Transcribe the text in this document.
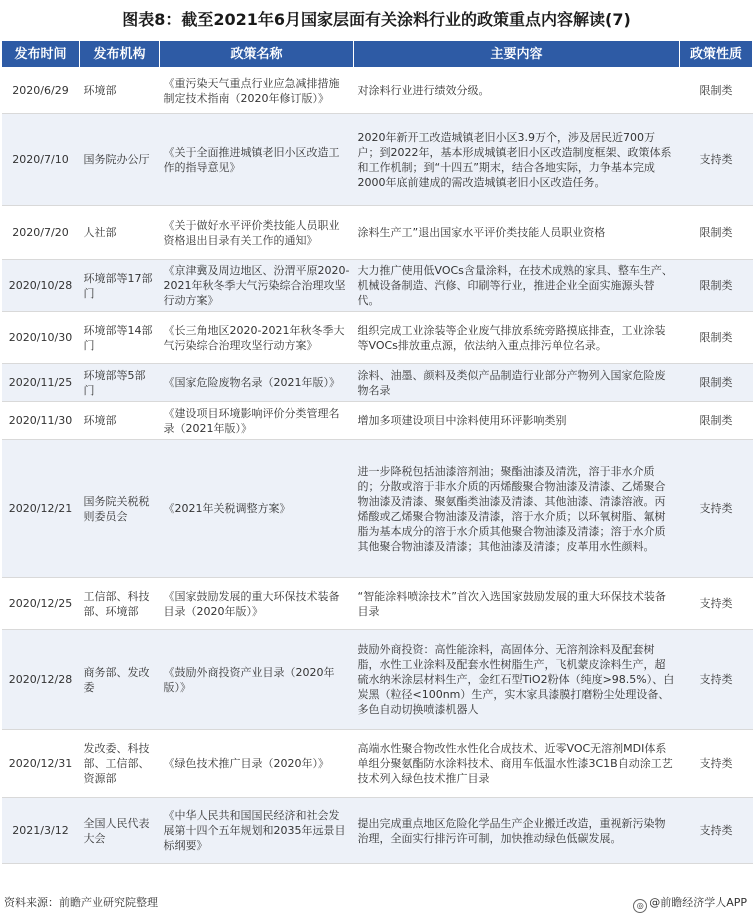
图表8：截至2021年6月国家层面有关涂料行业的政策重点内容解读(7)
发布时间	发布机构	政策名称	主要内容	政策性质
2020/6/29	环境部	《重污染天气重点行业应急减排措施制定技术指南（2020年修订版）》	对涂料行业进行绩效分级。	限制类
2020/7/10	国务院办公厅	《关于全面推进城镇老旧小区改造工作的指导意见》	2020年新开工改造城镇老旧小区3.9万个，涉及居民近700万户；到2022年，基本形成城镇老旧小区改造制度框架、政策体系和工作机制；到“十四五”期末，结合各地实际，力争基本完成2000年底前建成的需改造城镇老旧小区改造任务。	支持类
2020/7/20	人社部	《关于做好水平评价类技能人员职业资格退出目录有关工作的通知》	涂料生产工”退出国家水平评价类技能人员职业资格	限制类
2020/10/28	环境部等17部门	《京津冀及周边地区、汾渭平原2020-2021年秋冬季大气污染综合治理攻坚行动方案》	大力推广使用低VOCs含量涂料，在技术成熟的家具、整车生产、机械设备制造、汽修、印刷等行业，推进企业全面实施源头替代。	限制类
2020/10/30	环境部等14部门	《长三角地区2020-2021年秋冬季大气污染综合治理攻坚行动方案》	组织完成工业涂装等企业废气排放系统旁路摸底排查，工业涂装等VOCs排放重点源，依法纳入重点排污单位名录。	限制类
2020/11/25	环境部等5部门	《国家危险废物名录（2021年版）》	涂料、油墨、颜料及类似产品制造行业部分产物列入国家危险废物名录	限制类
2020/11/30	环境部	《建设项目环境影响评价分类管理名录（2021年版）》	增加多项建设项目中涂料使用环评影响类别	限制类
2020/12/21	国务院关税税则委员会	《2021年关税调整方案》	进一步降税包括油漆溶剂油；聚酯油漆及清洗，溶于非水介质的；分散或溶于非水介质的丙烯酸聚合物油漆及清漆、乙烯聚合物油漆及清漆、聚氨酯类油漆及清漆、其他油漆、清漆溶液。丙烯酸或乙烯聚合物油漆及清漆，溶于水介质；以环氧树脂、氟树脂为基本成分的溶于水介质其他聚合物油漆及清漆；溶于水介质其他聚合物油漆及清漆；其他油漆及清漆；皮革用水性颜料。	支持类
2020/12/25	工信部、科技部、环境部	《国家鼓励发展的重大环保技术装备目录（2020年版）》	“智能涂料喷涂技术”首次入选国家鼓励发展的重大环保技术装备目录	支持类
2020/12/28	商务部、发改委	《鼓励外商投资产业目录（2020年版）》	鼓励外商投资：高性能涂料，高固体分、无溶剂涂料及配套树脂，水性工业涂料及配套水性树脂生产，飞机蒙皮涂料生产，超硫水纳米涂层材料生产，金红石型TiO2粉体（纯度>98.5%）、白炭黑（粒径<100nm）生产，实木家具漆膜打磨粉尘处理设备、多色自动切换喷漆机器人	支持类
2020/12/31	发改委、科技部、工信部、资源部	《绿色技术推广目录（2020年）》	高端水性聚合物改性水性化合成技术、近零VOC无溶剂MDI体系单组分聚氨酯防水涂料技术、商用车低温水性漆3C1B自动涂工艺技术列入绿色技术推广目录	支持类
2021/3/12	全国人民代表大会	《中华人民共和国国民经济和社会发展第十四个五年规划和2035年远景目标纲要》	提出完成重点地区危险化学品生产企业搬迁改造，重视新污染物治理，全面实行排污许可制，加快推动绿色低碳发展。	支持类
资料来源：前瞻产业研究院整理	◎ @前瞻经济学人APP
